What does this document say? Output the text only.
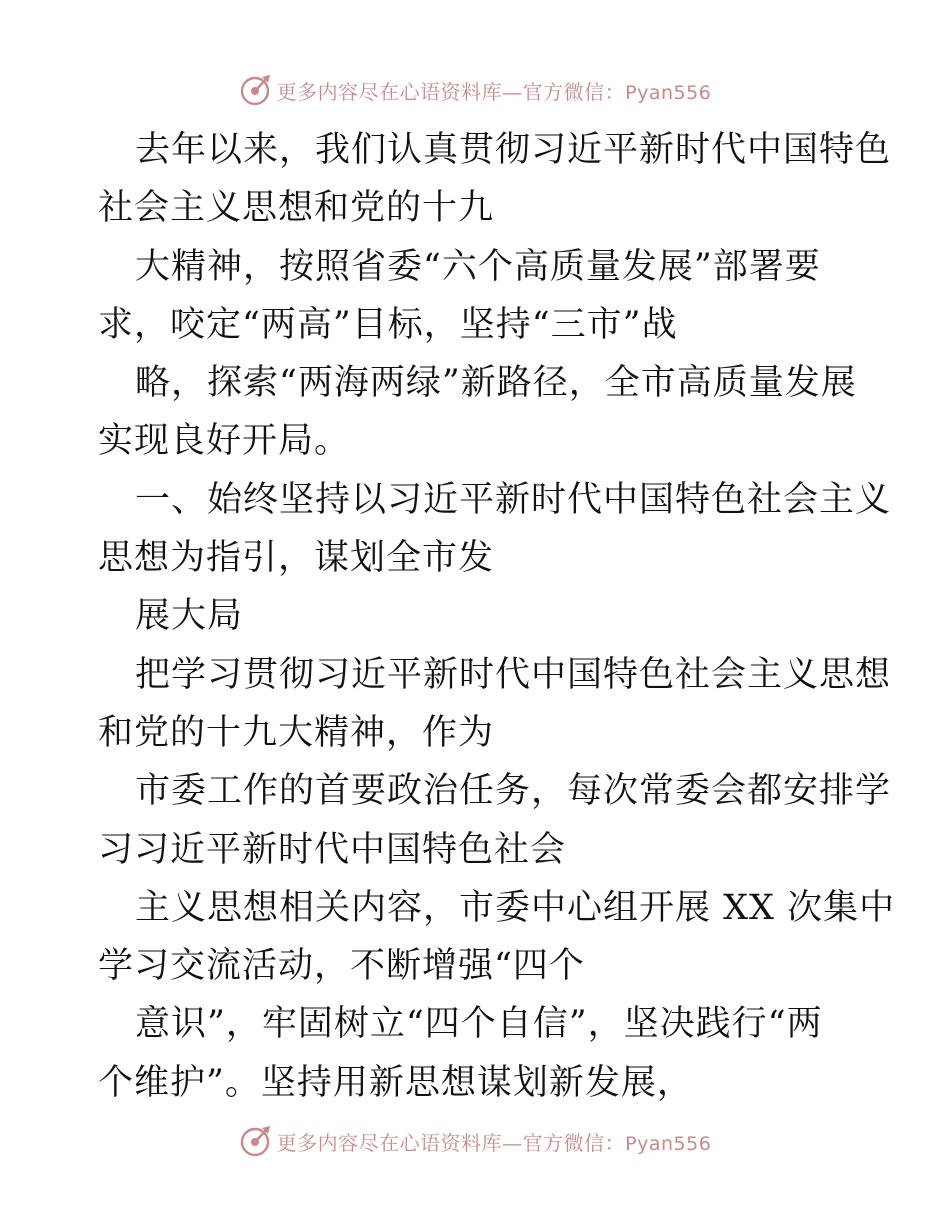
更多内容尽在心语资料库—官方微信：Pyan556
去年以来，我们认真贯彻习近平新时代中国特色
社会主义思想和党的十九
大精神，按照省委“六个高质量发展”部署要
求，咬定“两高”目标，坚持“三市”战
略，探索“两海两绿”新路径，全市高质量发展
实现良好开局。
一、始终坚持以习近平新时代中国特色社会主义
思想为指引，谋划全市发
展大局
把学习贯彻习近平新时代中国特色社会主义思想
和党的十九大精神，作为
市委工作的首要政治任务，每次常委会都安排学
习习近平新时代中国特色社会
主义思想相关内容，市委中心组开展 XX 次集中
学习交流活动，不断增强“四个
意识”，牢固树立“四个自信”，坚决践行“两
个维护”。坚持用新思想谋划新发展，
更多内容尽在心语资料库—官方微信：Pyan556
